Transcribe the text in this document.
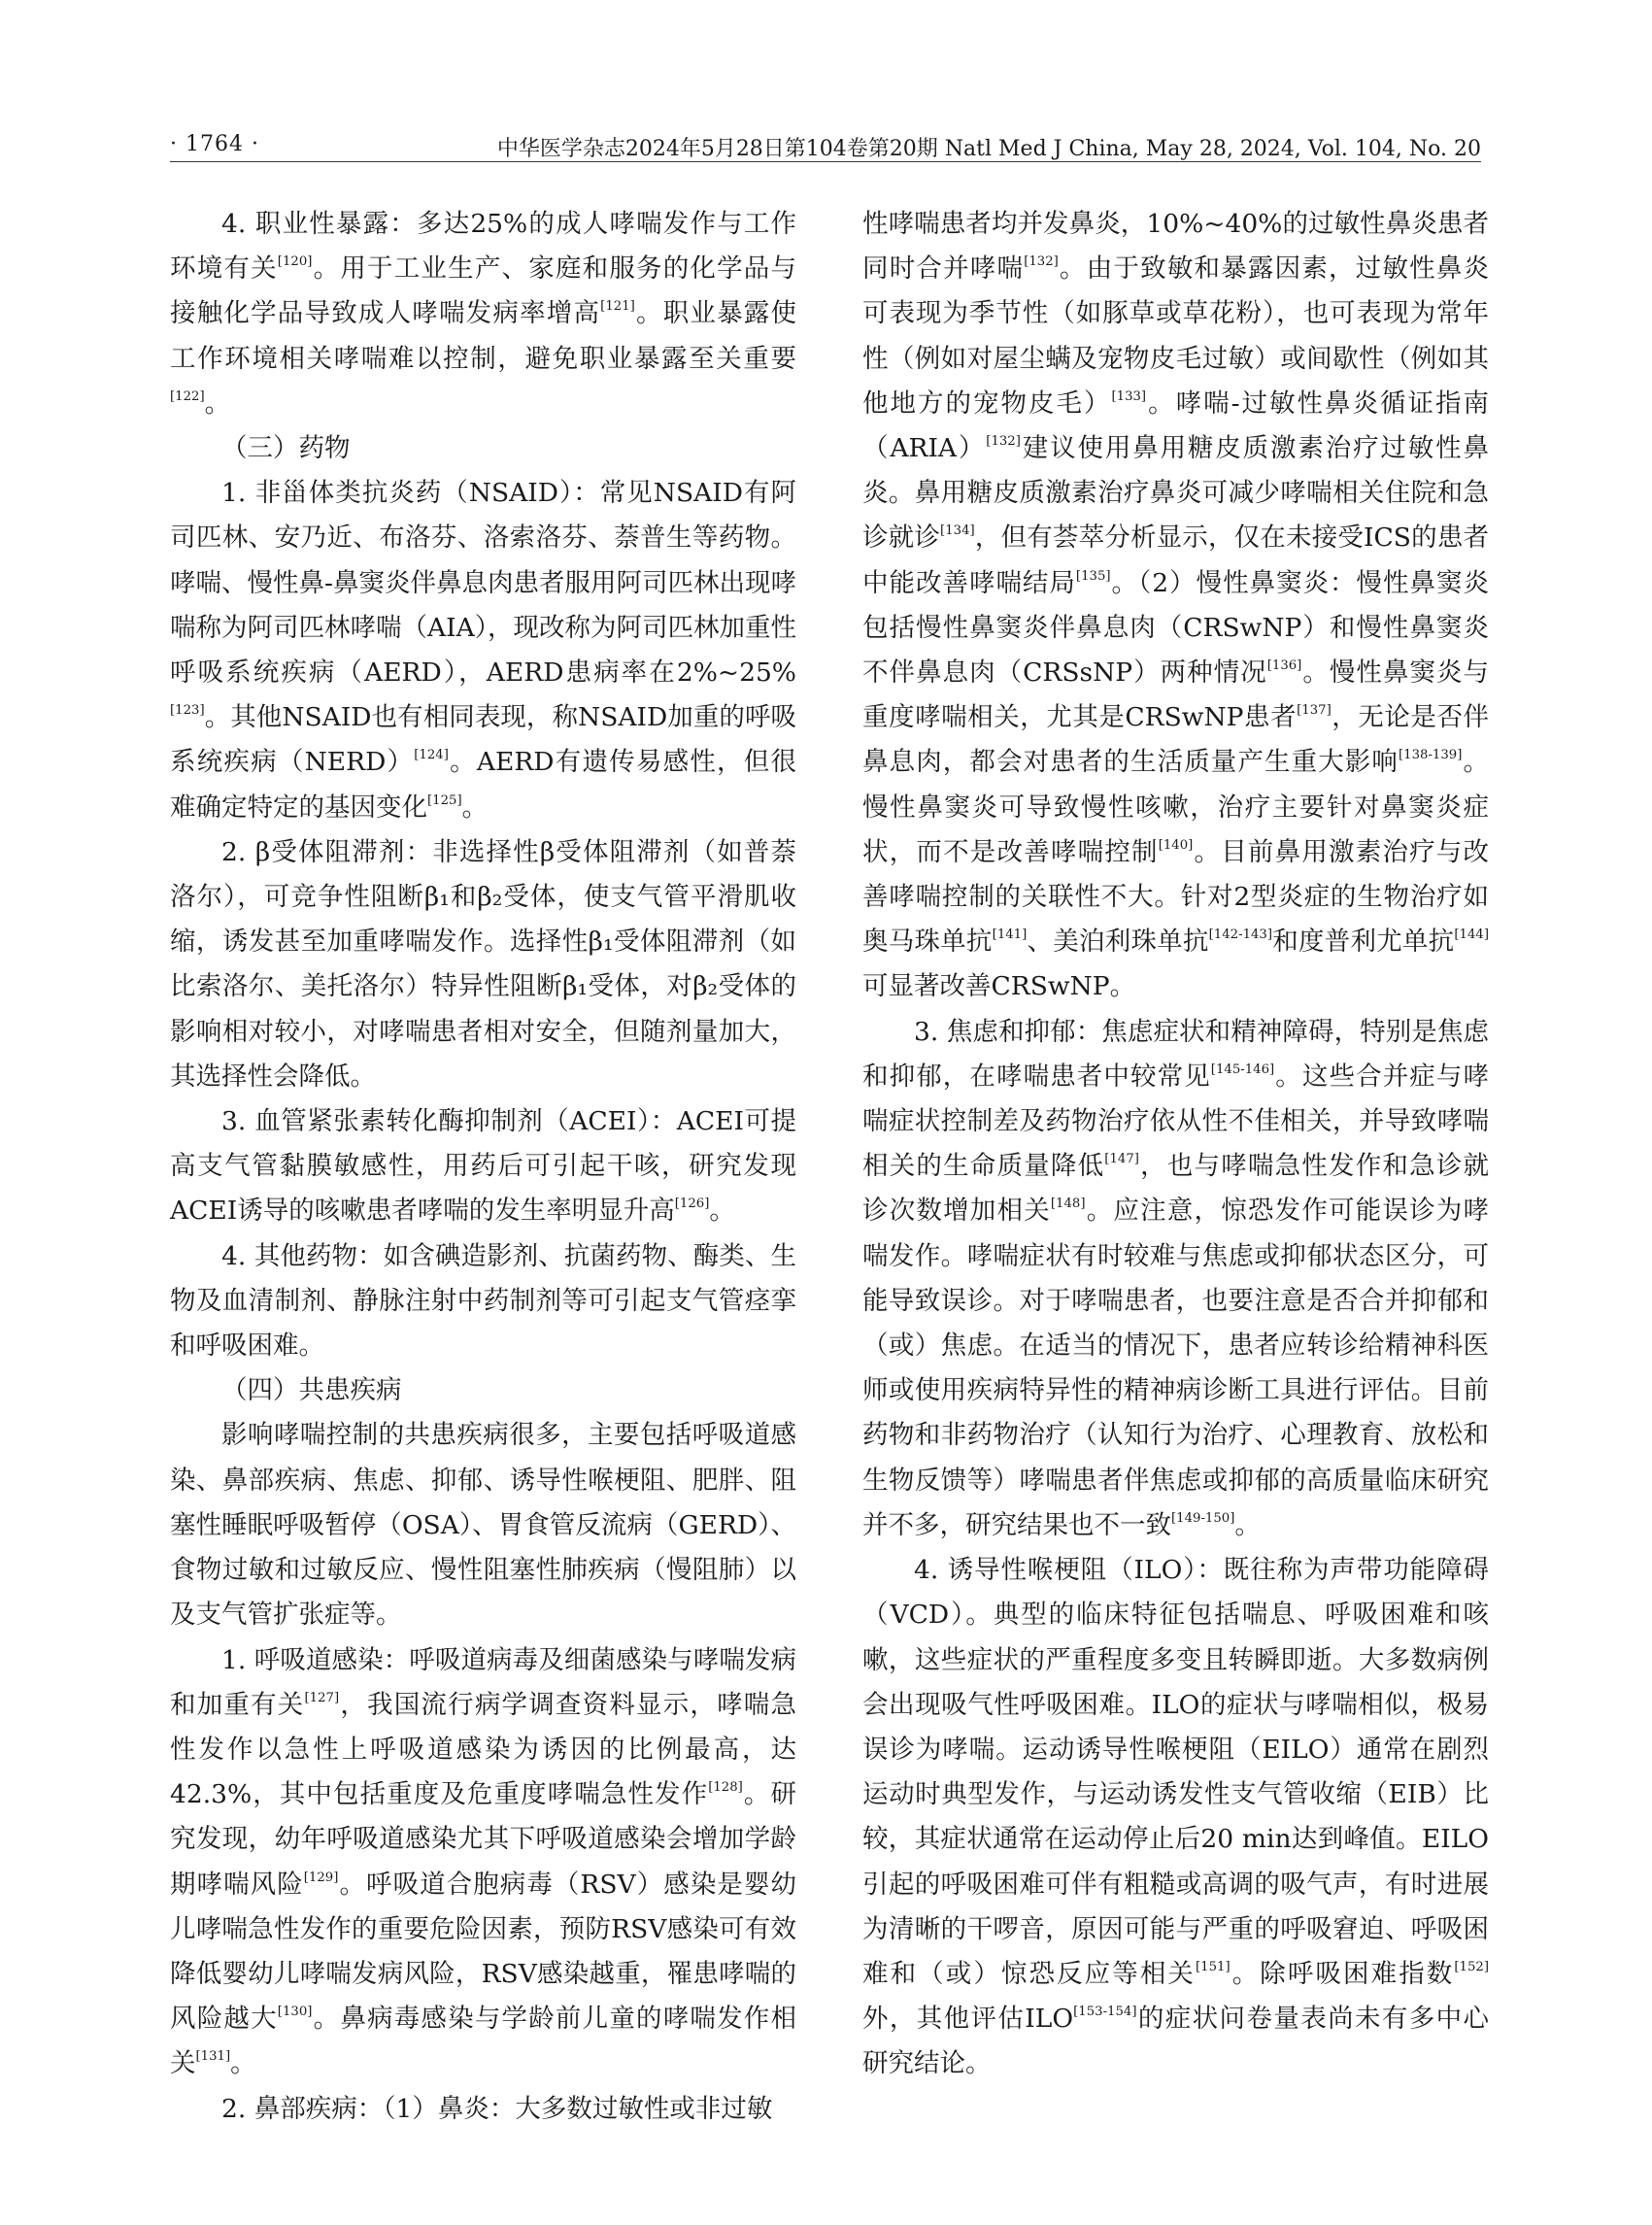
· 1764 ·	中华医学杂志2024年5月28日第104卷第20期 Natl Med J China, May 28, 2024, Vol. 104, No. 20

4. 职业性暴露：多达25%的成人哮喘发作与工作环境有关[120]。用于工业生产、家庭和服务的化学品与接触化学品导致成人哮喘发病率增高[121]。职业暴露使工作环境相关哮喘难以控制，避免职业暴露至关重要[122]。

（三）药物

1. 非甾体类抗炎药（NSAID）：常见NSAID有阿司匹林、安乃近、布洛芬、洛索洛芬、萘普生等药物。哮喘、慢性鼻-鼻窦炎伴鼻息肉患者服用阿司匹林出现哮喘称为阿司匹林哮喘（AIA），现改称为阿司匹林加重性呼吸系统疾病（AERD），AERD患病率在2%~25%[123]。其他NSAID也有相同表现，称NSAID加重的呼吸系统疾病（NERD）[124]。AERD有遗传易感性，但很难确定特定的基因变化[125]。

2. β受体阻滞剂：非选择性β受体阻滞剂（如普萘洛尔），可竞争性阻断β₁和β₂受体，使支气管平滑肌收缩，诱发甚至加重哮喘发作。选择性β₁受体阻滞剂（如比索洛尔、美托洛尔）特异性阻断β₁受体，对β₂受体的影响相对较小，对哮喘患者相对安全，但随剂量加大，其选择性会降低。

3. 血管紧张素转化酶抑制剂（ACEI）：ACEI可提高支气管黏膜敏感性，用药后可引起干咳，研究发现ACEI诱导的咳嗽患者哮喘的发生率明显升高[126]。

4. 其他药物：如含碘造影剂、抗菌药物、酶类、生物及血清制剂、静脉注射中药制剂等可引起支气管痉挛和呼吸困难。

（四）共患疾病

影响哮喘控制的共患疾病很多，主要包括呼吸道感染、鼻部疾病、焦虑、抑郁、诱导性喉梗阻、肥胖、阻塞性睡眠呼吸暂停（OSA）、胃食管反流病（GERD）、食物过敏和过敏反应、慢性阻塞性肺疾病（慢阻肺）以及支气管扩张症等。

1. 呼吸道感染：呼吸道病毒及细菌感染与哮喘发病和加重有关[127]，我国流行病学调查资料显示，哮喘急性发作以急性上呼吸道感染为诱因的比例最高，达42.3%，其中包括重度及危重度哮喘急性发作[128]。研究发现，幼年呼吸道感染尤其下呼吸道感染会增加学龄期哮喘风险[129]。呼吸道合胞病毒（RSV）感染是婴幼儿哮喘急性发作的重要危险因素，预防RSV感染可有效降低婴幼儿哮喘发病风险，RSV感染越重，罹患哮喘的风险越大[130]。鼻病毒感染与学龄前儿童的哮喘发作相关[131]。

2. 鼻部疾病：（1）鼻炎：大多数过敏性或非过敏

性哮喘患者均并发鼻炎，10%~40%的过敏性鼻炎患者同时合并哮喘[132]。由于致敏和暴露因素，过敏性鼻炎可表现为季节性（如豚草或草花粉），也可表现为常年性（例如对屋尘螨及宠物皮毛过敏）或间歇性（例如其他地方的宠物皮毛）[133]。哮喘-过敏性鼻炎循证指南（ARIA）[132]建议使用鼻用糖皮质激素治疗过敏性鼻炎。鼻用糖皮质激素治疗鼻炎可减少哮喘相关住院和急诊就诊[134]，但有荟萃分析显示，仅在未接受ICS的患者中能改善哮喘结局[135]。（2）慢性鼻窦炎：慢性鼻窦炎包括慢性鼻窦炎伴鼻息肉（CRSwNP）和慢性鼻窦炎不伴鼻息肉（CRSsNP）两种情况[136]。慢性鼻窦炎与重度哮喘相关，尤其是CRSwNP患者[137]，无论是否伴鼻息肉，都会对患者的生活质量产生重大影响[138-139]。慢性鼻窦炎可导致慢性咳嗽，治疗主要针对鼻窦炎症状，而不是改善哮喘控制[140]。目前鼻用激素治疗与改善哮喘控制的关联性不大。针对2型炎症的生物治疗如奥马珠单抗[141]、美泊利珠单抗[142-143]和度普利尤单抗[144]可显著改善CRSwNP。

3. 焦虑和抑郁：焦虑症状和精神障碍，特别是焦虑和抑郁，在哮喘患者中较常见[145-146]。这些合并症与哮喘症状控制差及药物治疗依从性不佳相关，并导致哮喘相关的生命质量降低[147]，也与哮喘急性发作和急诊就诊次数增加相关[148]。应注意，惊恐发作可能误诊为哮喘发作。哮喘症状有时较难与焦虑或抑郁状态区分，可能导致误诊。对于哮喘患者，也要注意是否合并抑郁和（或）焦虑。在适当的情况下，患者应转诊给精神科医师或使用疾病特异性的精神病诊断工具进行评估。目前药物和非药物治疗（认知行为治疗、心理教育、放松和生物反馈等）哮喘患者伴焦虑或抑郁的高质量临床研究并不多，研究结果也不一致[149-150]。

4. 诱导性喉梗阻（ILO）：既往称为声带功能障碍（VCD）。典型的临床特征包括喘息、呼吸困难和咳嗽，这些症状的严重程度多变且转瞬即逝。大多数病例会出现吸气性呼吸困难。ILO的症状与哮喘相似，极易误诊为哮喘。运动诱导性喉梗阻（EILO）通常在剧烈运动时典型发作，与运动诱发性支气管收缩（EIB）比较，其症状通常在运动停止后20 min达到峰值。EILO引起的呼吸困难可伴有粗糙或高调的吸气声，有时进展为清晰的干啰音，原因可能与严重的呼吸窘迫、呼吸困难和（或）惊恐反应等相关[151]。除呼吸困难指数[152]外，其他评估ILO[153-154]的症状问卷量表尚未有多中心研究结论。
